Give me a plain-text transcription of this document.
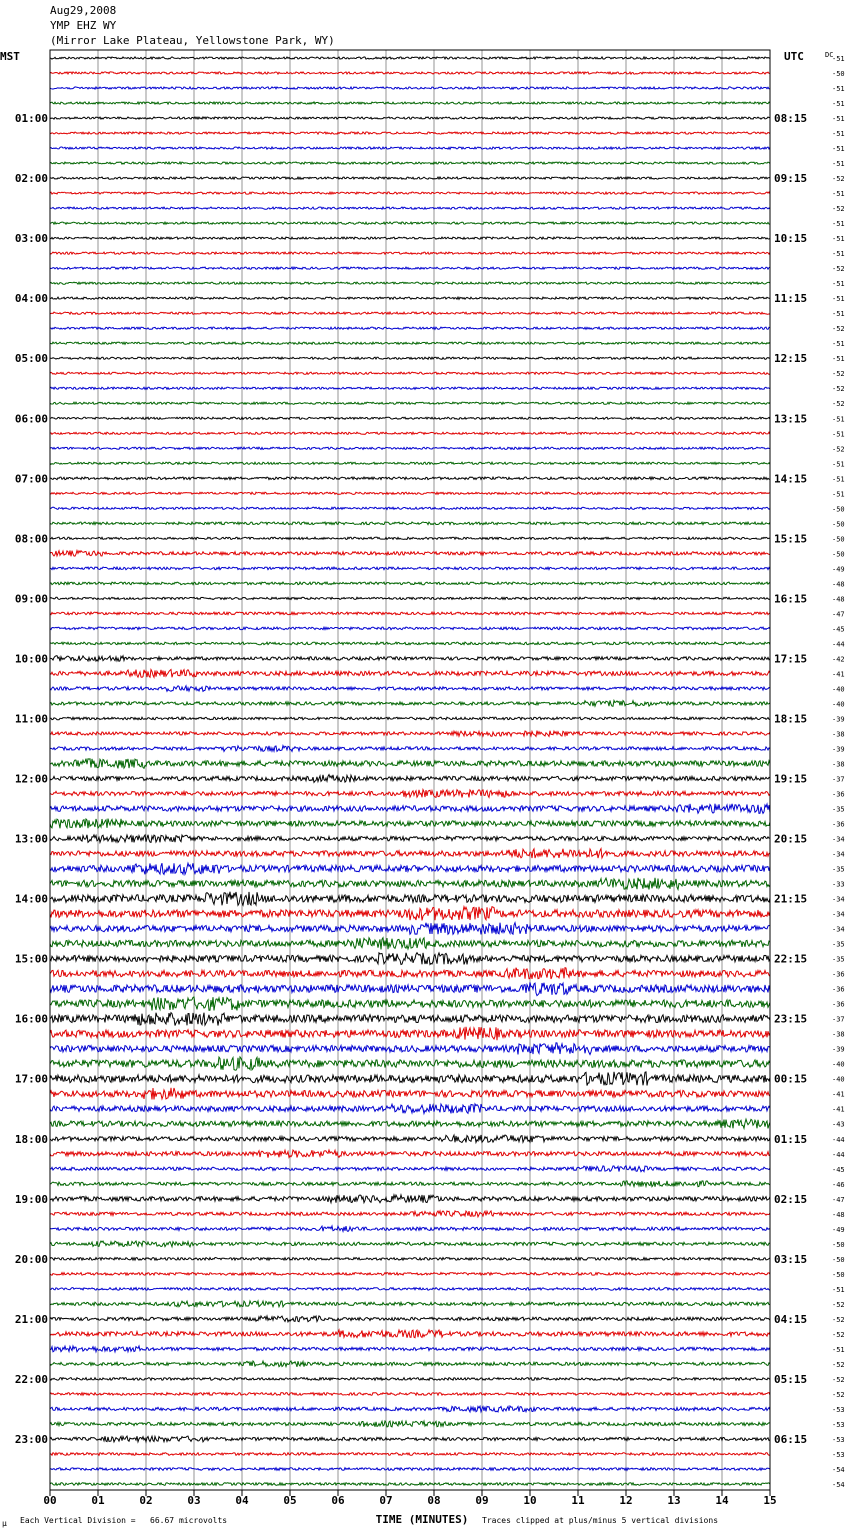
Aug29,2008
YMP EHZ WY
(Mirror Lake Plateau, Yellowstone Park, WY)
MST	UTC
μ Each Vertical Division =   66.67 microvolts	Traces clipped at plus/minus 5 vertical divisions
-51
-50
-51
-51
-51
-51
-51
-51
-52
-51
-52
-51
-51
-51
-52
-51
-51
-51
-52
-51
-51
-52
-52
-52
-51
-51
-52
-51
-51
-51
-50
-50
-50
-50
-49
-48
-48
-47
-45
-44
-42
-41
-40
-40
-39
-38
-39
-38
-37
-36
-35
-36
-34
-34
-35
-33
-34
-34
-34
-35
-35
-36
-36
-36
-37
-38
-39
-40
-40
-41
-41
-43
-44
-44
-45
-46
-47
-48
-49
-50
-50
-50
-51
-52
-52
-52
-51
-52
-52
-52
-53
-53
-53
-53
-54
-54
01:00
02:00
03:00
04:00
05:00
06:00
07:00
08:00
09:00
10:00
11:00
12:00
13:00
14:00
15:00
16:00
17:00
18:00
19:00
20:00
21:00
22:00
23:00
08:15
09:15
10:15
11:15
12:15
13:15
14:15
15:15
16:15
17:15
18:15
19:15
20:15
21:15
22:15
23:15
00:15
01:15
02:15
03:15
04:15
05:15
06:15
DC
00	01	02	03	04	05	06	07	08	09	10	11	12	13	14	15
TIME (MINUTES)
